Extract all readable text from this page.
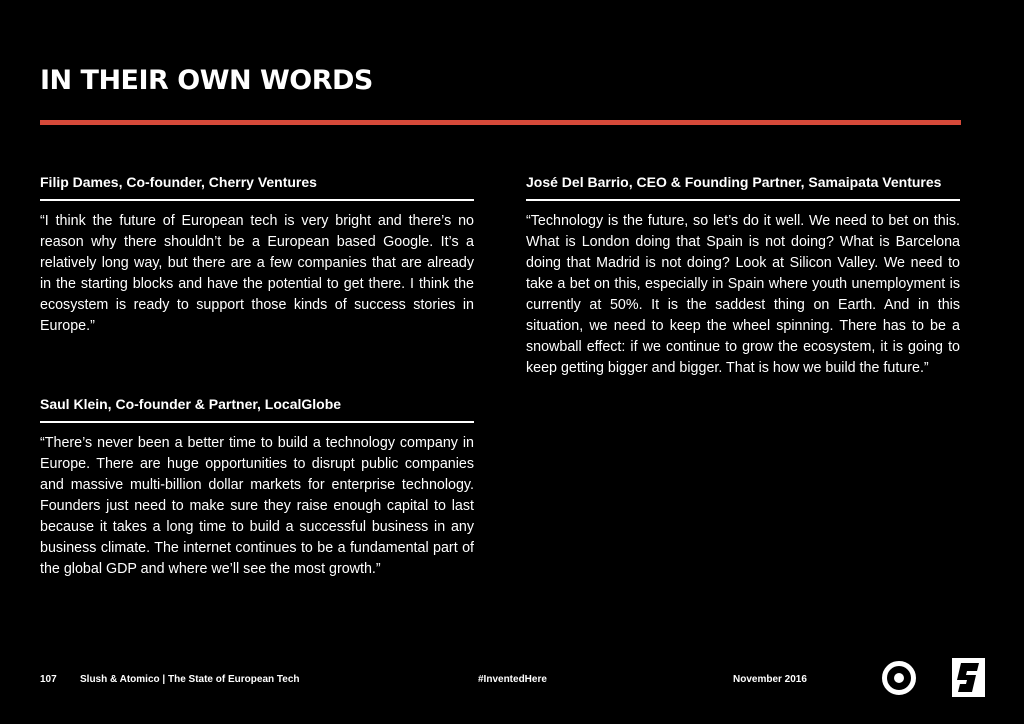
IN THEIR OWN WORDS

Filip Dames, Co-founder, Cherry Ventures

“I think the future of European tech is very bright and there’s no reason why there shouldn’t be a European based Google. It’s a relatively long way, but there are a few companies that are already in the starting blocks and have the potential to get there. I think the ecosystem is ready to support those kinds of success stories in Europe.”

Saul Klein, Co-founder & Partner, LocalGlobe

“There’s never been a better time to build a technology company in Europe. There are huge opportunities to disrupt public companies and massive multi-billion dollar markets for enterprise technology. Founders just need to make sure they raise enough capital to last because it takes a long time to build a successful business in any business climate. The internet continues to be a fundamental part of the global GDP and where we’ll see the most growth.”

José Del Barrio, CEO & Founding Partner, Samaipata Ventures

“Technology is the future, so let’s do it well. We need to bet on this. What is London doing that Spain is not doing? What is Barcelona doing that Madrid is not doing? Look at Silicon Valley. We need to take a bet on this, especially in Spain where youth unemployment is currently at 50%. It is the saddest thing on Earth. And in this situation, we need to keep the wheel spinning. There has to be a snowball effect: if we continue to grow the ecosystem, it is going to keep getting bigger and bigger. That is how we build the future.”

107 Slush & Atomico | The State of European Tech	#InventedHere	November 2016
